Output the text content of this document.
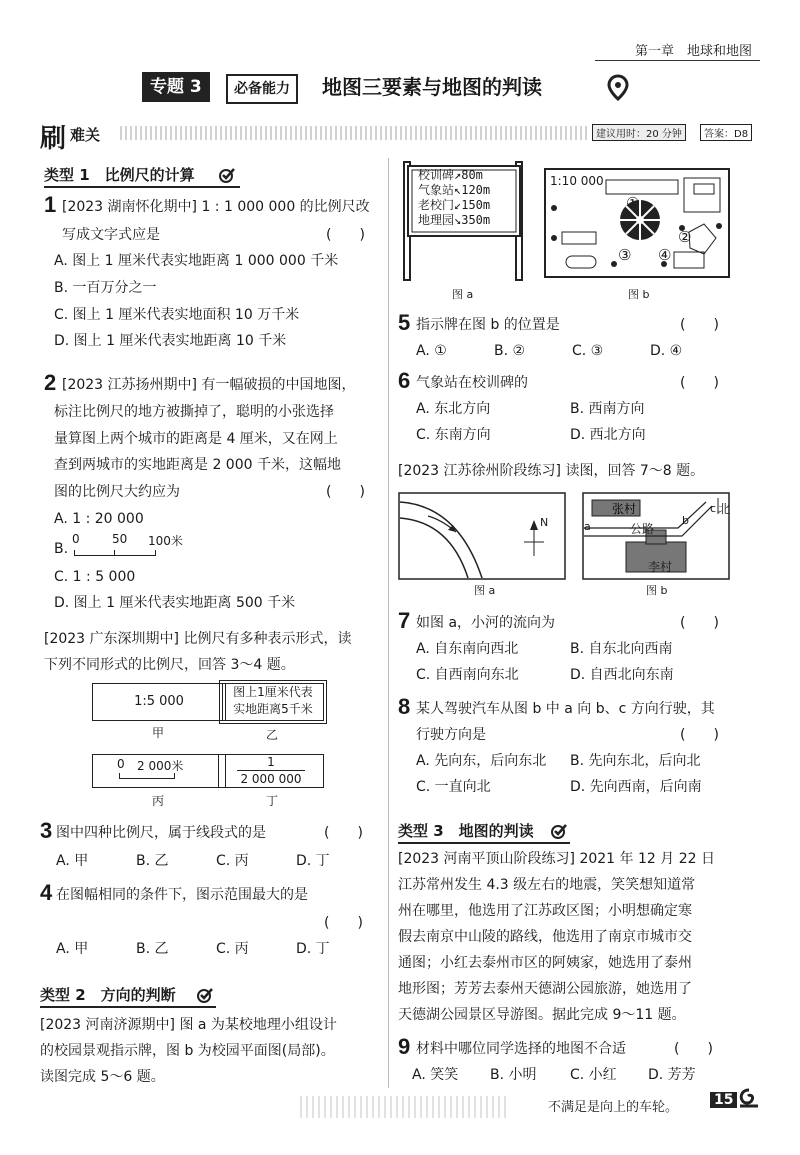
第一章　地球和地图
专题 3	必备能力	地图三要素与地图的判读
刷 难关	建议用时：20 分钟	答案：D8
类型 1　比例尺的计算
1 [2023 湖南怀化期中] 1 : 1 000 000 的比例尺改
写成文字式应是	(　　)
A. 图上 1 厘米代表实地距离 1 000 000 千米
B. 一百万分之一
C. 图上 1 厘米代表实地面积 10 万千米
D. 图上 1 厘米代表实地距离 10 千米
2 [2023 江苏扬州期中] 有一幅破损的中国地图，
标注比例尺的地方被撕掉了，聪明的小张选择
量算图上两个城市的距离是 4 厘米，又在网上
查到两城市的实地距离是 2 000 千米，这幅地
图的比例尺大约应为	(　　)
A. 1 : 20 000
B.
0	50 100米
C. 1 : 5 000
D. 图上 1 厘米代表实地距离 500 千米
[2023 广东深圳期中] 比例尺有多种表示形式，读
下列不同形式的比例尺，回答 3～4 题。
1:5 000
甲
图上1厘米代表
实地距离5千米
乙
0 2 000米
丙
1
2 000 000
丁
3 图中四种比例尺，属于线段式的是	(　　)
A. 甲	B. 乙	C. 丙	D. 丁
4 在图幅相同的条件下，图示范围最大的是
(　　)
A. 甲	B. 乙	C. 丙	D. 丁
类型 2　方向的判断
[2023 河南济源期中] 图 a 为某校地理小组设计
的校园景观指示牌，图 b 为校园平面图(局部)。
读图完成 5～6 题。
校训碑↗80m
气象站↖120m
老校门↙150m
地理园↘350m
图 a
1:10 000
①
②
③ ④
图 b
5 指示牌在图 b 的位置是	(　　)
A. ①	B. ②	C. ③	D. ④
6 气象站在校训碑的	(　　)
A. 东北方向	B. 西南方向
C. 东南方向	D. 西北方向
[2023 江苏徐州阶段练习] 读图，回答 7～8 题。
N
图 a
张村
李村
公路
北
a	b
c
图 b
7 如图 a，小河的流向为	(　　)
A. 自东南向西北	B. 自东北向西南
C. 自西南向东北	D. 自西北向东南
8 某人驾驶汽车从图 b 中 a 向 b、c 方向行驶，其
行驶方向是	(　　)
A. 先向东，后向东北 B. 先向东北，后向北
C. 一直向北	D. 先向西南，后向南
类型 3　地图的判读
[2023 河南平顶山阶段练习] 2021 年 12 月 22 日
江苏常州发生 4.3 级左右的地震，笑笑想知道常
州在哪里，他选用了江苏政区图；小明想确定寒
假去南京中山陵的路线，他选用了南京市城市交
通图；小红去泰州市区的阿姨家，她选用了泰州
地形图；芳芳去泰州天德湖公园旅游，她选用了
天德湖公园景区导游图。据此完成 9～11 题。
9 材料中哪位同学选择的地图不合适	(　　)
A. 笑笑 B. 小明 C. 小红 D. 芳芳
不满足是向上的车轮。	15
